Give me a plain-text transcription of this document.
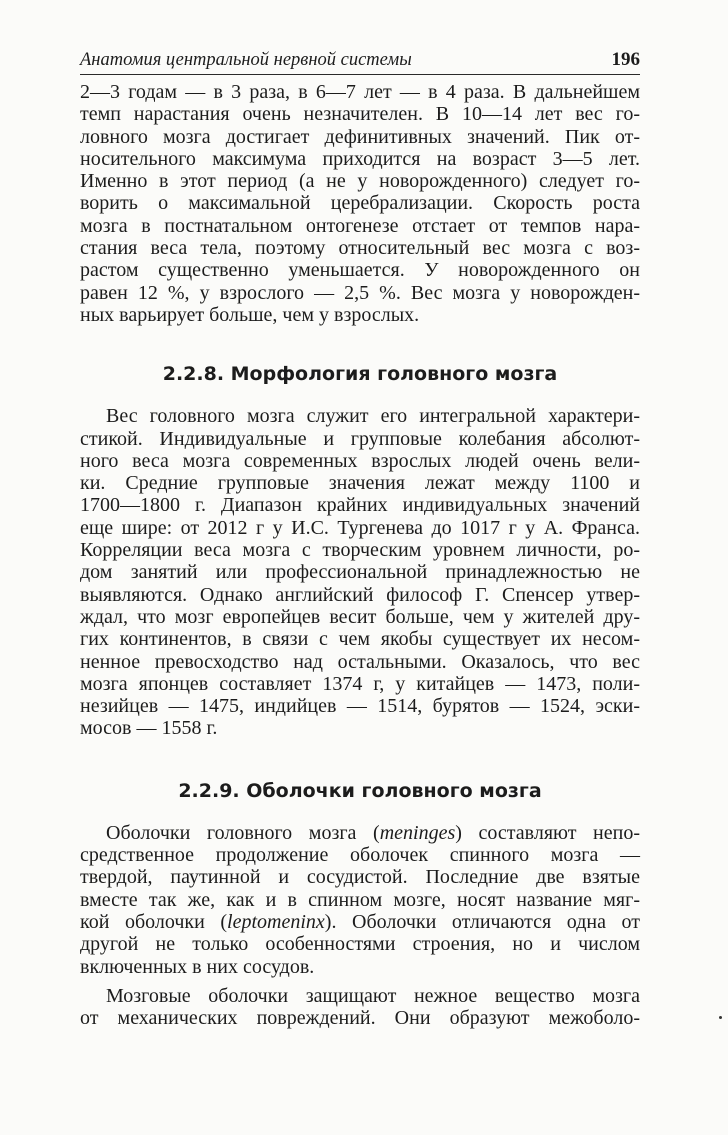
Анатомия центральной нервной системы	196
2—3 годам — в 3 раза, в 6—7 лет — в 4 раза. В дальнейшем
темп нарастания очень незначителен. В 10—14 лет вес го-
ловного мозга достигает дефинитивных значений. Пик от-
носительного максимума приходится на возраст 3—5 лет.
Именно в этот период (а не у новорожденного) следует го-
ворить о максимальной церебрализации. Скорость роста
мозга в постнатальном онтогенезе отстает от темпов нара-
стания веса тела, поэтому относительный вес мозга с воз-
растом существенно уменьшается. У новорожденного он
равен 12 %, у взрослого — 2,5 %. Вес мозга у новорожден-
ных варьирует больше, чем у взрослых.
2.2.8. Морфология головного мозга
Вес головного мозга служит его интегральной характери-
стикой. Индивидуальные и групповые колебания абсолют-
ного веса мозга современных взрослых людей очень вели-
ки. Средние групповые значения лежат между 1100 и
1700—1800 г. Диапазон крайних индивидуальных значений
еще шире: от 2012 г у И.С. Тургенева до 1017 г у А. Франса.
Корреляции веса мозга с творческим уровнем личности, ро-
дом занятий или профессиональной принадлежностью не
выявляются. Однако английский философ Г. Спенсер утвер-
ждал, что мозг европейцев весит больше, чем у жителей дру-
гих континентов, в связи с чем якобы существует их несом-
ненное превосходство над остальными. Оказалось, что вес
мозга японцев составляет 1374 г, у китайцев — 1473, поли-
незийцев — 1475, индийцев — 1514, бурятов — 1524, эски-
мосов — 1558 г.
2.2.9. Оболочки головного мозга
Оболочки головного мозга (meninges) составляют непо-
средственное продолжение оболочек спинного мозга —
твердой, паутинной и сосудистой. Последние две взятые
вместе так же, как и в спинном мозге, носят название мяг-
кой оболочки (leptomeninx). Оболочки отличаются одна от
другой не только особенностями строения, но и числом
включенных в них сосудов.
Мозговые оболочки защищают нежное вещество мозга
от механических повреждений. Они образуют межоболо-
